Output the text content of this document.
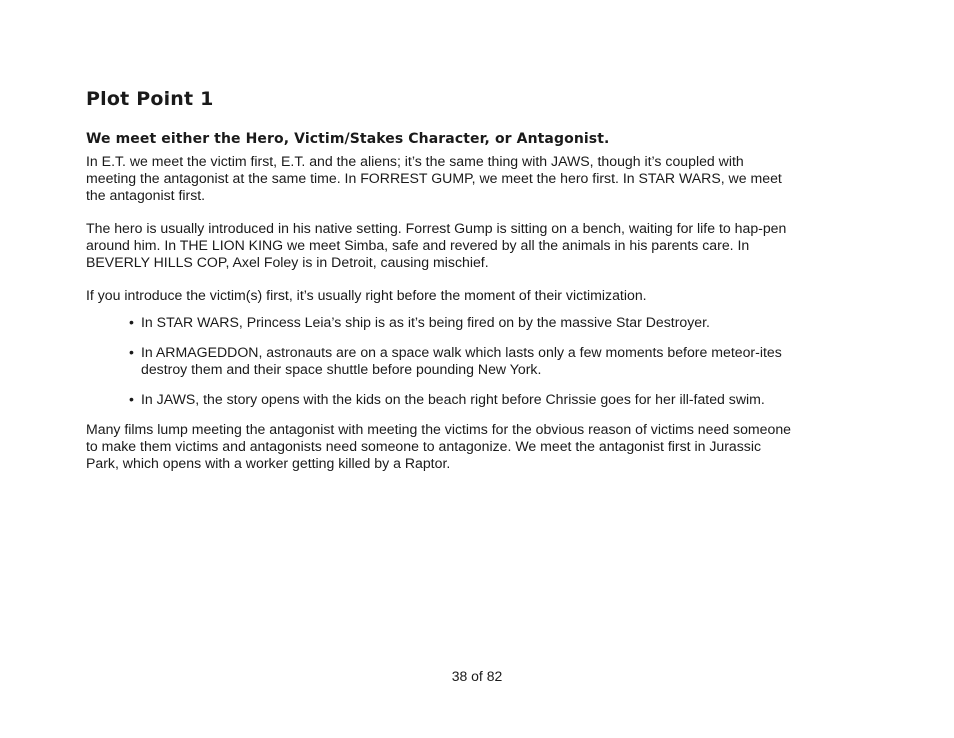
Plot Point 1
We meet either the Hero, Victim/Stakes Character, or Antagonist.

In E.T. we meet the victim first, E.T. and the aliens; it’s the same thing with JAWS, though it’s coupled with meeting the antagonist at the same time. In FORREST GUMP, we meet the hero first. In STAR WARS, we meet the antagonist first.

The hero is usually introduced in his native setting. Forrest Gump is sitting on a bench, waiting for life to hap-pen around him. In THE LION KING we meet Simba, safe and revered by all the animals in his parents care. In BEVERLY HILLS COP, Axel Foley is in Detroit, causing mischief.

If you introduce the victim(s) first, it’s usually right before the moment of their victimization.

• In STAR WARS, Princess Leia’s ship is as it’s being fired on by the massive Star Destroyer.
• In ARMAGEDDON, astronauts are on a space walk which lasts only a few moments before meteor-ites destroy them and their space shuttle before pounding New York.
• In JAWS, the story opens with the kids on the beach right before Chrissie goes for her ill-fated swim.

Many films lump meeting the antagonist with meeting the victims for the obvious reason of victims need someone to make them victims and antagonists need someone to antagonize. We meet the antagonist first in Jurassic Park, which opens with a worker getting killed by a Raptor.

38 of 82
